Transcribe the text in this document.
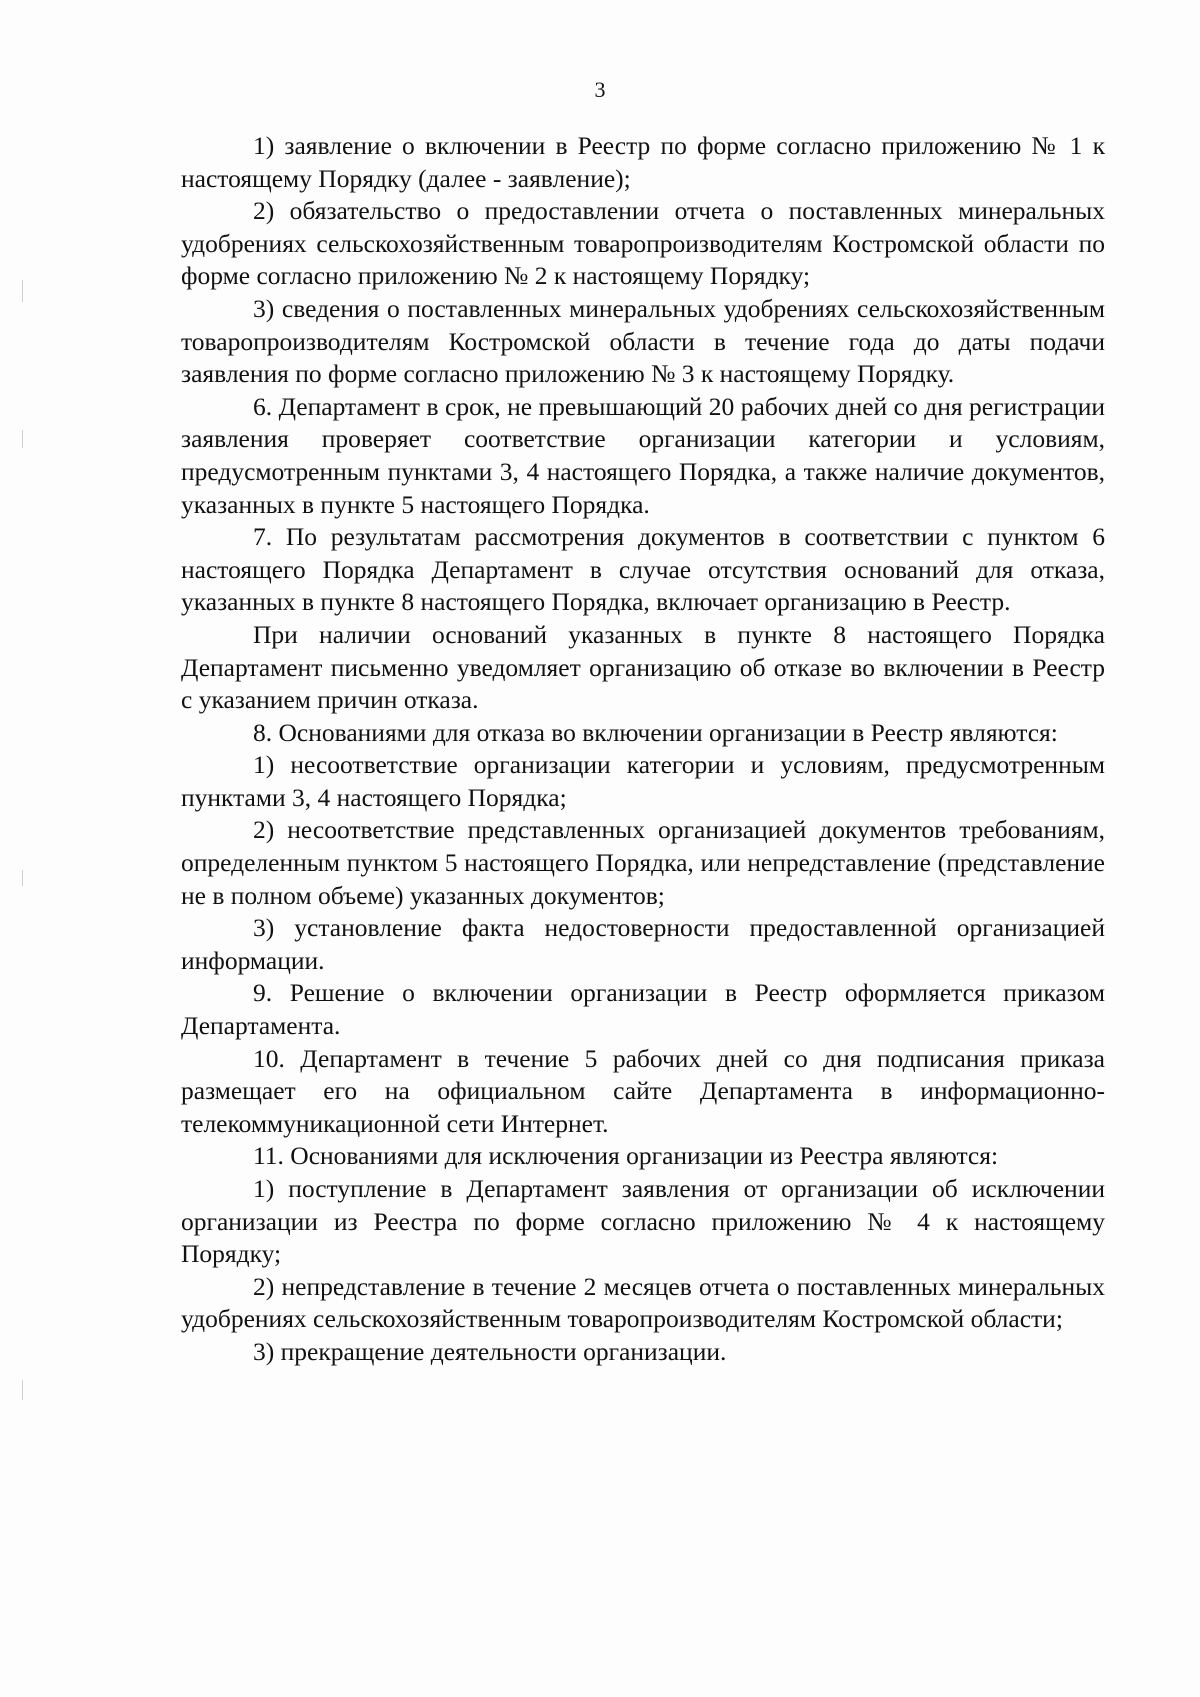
3

1) заявление о включении в Реестр по форме согласно приложению № 1 к настоящему Порядку (далее - заявление);

2) обязательство о предоставлении отчета о поставленных минеральных удобрениях сельскохозяйственным товаропроизводителям Костромской области по форме согласно приложению № 2 к настоящему Порядку;

3) сведения о поставленных минеральных удобрениях сельскохозяйственным товаропроизводителям Костромской области в течение года до даты подачи заявления по форме согласно приложению № 3 к настоящему Порядку.

6. Департамент в срок, не превышающий 20 рабочих дней со дня регистрации заявления проверяет соответствие организации категории и условиям, предусмотренным пунктами 3, 4 настоящего Порядка, а также наличие документов, указанных в пункте 5 настоящего Порядка.

7. По результатам рассмотрения документов в соответствии с пунктом 6 настоящего Порядка Департамент в случае отсутствия оснований для отказа, указанных в пункте 8 настоящего Порядка, включает организацию в Реестр.

При наличии оснований указанных в пункте 8 настоящего Порядка Департамент письменно уведомляет организацию об отказе во включении в Реестр с указанием причин отказа.

8. Основаниями для отказа во включении организации в Реестр являются:

1) несоответствие организации категории и условиям, предусмотренным пунктами 3, 4 настоящего Порядка;

2) несоответствие представленных организацией документов требованиям, определенным пунктом 5 настоящего Порядка, или непредставление (представление не в полном объеме) указанных документов;

3) установление факта недостоверности предоставленной организацией информации.

9. Решение о включении организации в Реестр оформляется приказом Департамента.

10. Департамент в течение 5 рабочих дней со дня подписания приказа размещает его на официальном сайте Департамента в информационно-телекоммуникационной сети Интернет.

11. Основаниями для исключения организации из Реестра являются:

1) поступление в Департамент заявления от организации об исключении организации из Реестра по форме согласно приложению № 4 к настоящему Порядку;

2) непредставление в течение 2 месяцев отчета о поставленных минеральных удобрениях сельскохозяйственным товаропроизводителям Костромской области;

3) прекращение деятельности организации.
